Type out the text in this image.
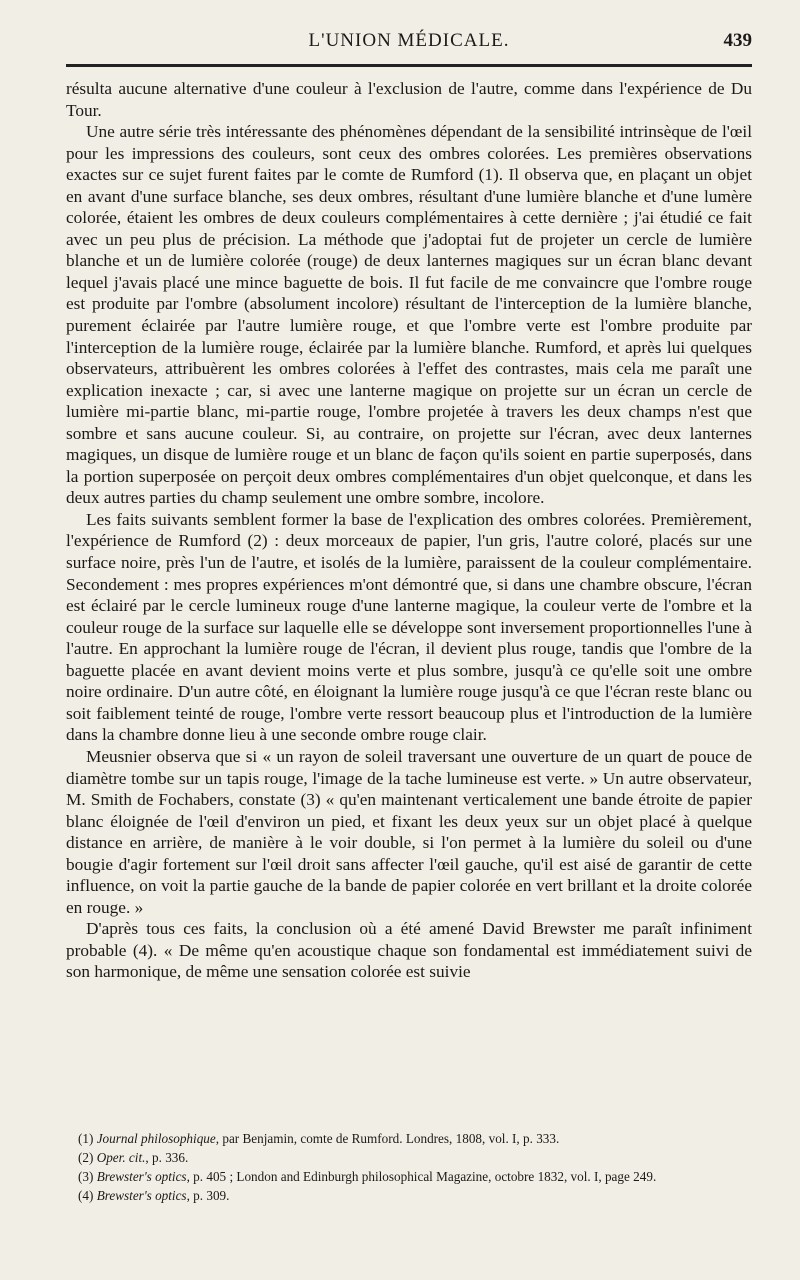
L'UNION MÉDICALE.	439

résulta aucune alternative d'une couleur à l'exclusion de l'autre, comme dans l'expérience de Du Tour.

Une autre série très intéressante des phénomènes dépendant de la sensibilité intrinsèque de l'œil pour les impressions des couleurs, sont ceux des ombres colorées. Les premières observations exactes sur ce sujet furent faites par le comte de Rumford (1). Il observa que, en plaçant un objet en avant d'une surface blanche, ses deux ombres, résultant d'une lumière blanche et d'une lumère colorée, étaient les ombres de deux couleurs complémentaires à cette dernière ; j'ai étudié ce fait avec un peu plus de précision. La méthode que j'adoptai fut de projeter un cercle de lumière blanche et un de lumière colorée (rouge) de deux lanternes magiques sur un écran blanc devant lequel j'avais placé une mince baguette de bois. Il fut facile de me convaincre que l'ombre rouge est produite par l'ombre (absolument incolore) résultant de l'interception de la lumière blanche, purement éclairée par l'autre lumière rouge, et que l'ombre verte est l'ombre produite par l'interception de la lumière rouge, éclairée par la lumière blanche. Rumford, et après lui quelques observateurs, attribuèrent les ombres colorées à l'effet des contrastes, mais cela me paraît une explication inexacte ; car, si avec une lanterne magique on projette sur un écran un cercle de lumière mi-partie blanc, mi-partie rouge, l'ombre projetée à travers les deux champs n'est que sombre et sans aucune couleur. Si, au contraire, on projette sur l'écran, avec deux lanternes magiques, un disque de lumière rouge et un blanc de façon qu'ils soient en partie superposés, dans la portion superposée on perçoit deux ombres complémentaires d'un objet quelconque, et dans les deux autres parties du champ seulement une ombre sombre, incolore.

Les faits suivants semblent former la base de l'explication des ombres colorées. Premièrement, l'expérience de Rumford (2) : deux morceaux de papier, l'un gris, l'autre coloré, placés sur une surface noire, près l'un de l'autre, et isolés de la lumière, paraissent de la couleur complémentaire. Secondement : mes propres expériences m'ont démontré que, si dans une chambre obscure, l'écran est éclairé par le cercle lumineux rouge d'une lanterne magique, la couleur verte de l'ombre et la couleur rouge de la surface sur laquelle elle se développe sont inversement proportionnelles l'une à l'autre. En approchant la lumière rouge de l'écran, il devient plus rouge, tandis que l'ombre de la baguette placée en avant devient moins verte et plus sombre, jusqu'à ce qu'elle soit une ombre noire ordinaire. D'un autre côté, en éloignant la lumière rouge jusqu'à ce que l'écran reste blanc ou soit faiblement teinté de rouge, l'ombre verte ressort beaucoup plus et l'introduction de la lumière dans la chambre donne lieu à une seconde ombre rouge clair.

Meusnier observa que si « un rayon de soleil traversant une ouverture de un quart de pouce de diamètre tombe sur un tapis rouge, l'image de la tache lumineuse est verte. » Un autre observateur, M. Smith de Fochabers, constate (3) « qu'en maintenant verticalement une bande étroite de papier blanc éloignée de l'œil d'environ un pied, et fixant les deux yeux sur un objet placé à quelque distance en arrière, de manière à le voir double, si l'on permet à la lumière du soleil ou d'une bougie d'agir fortement sur l'œil droit sans affecter l'œil gauche, qu'il est aisé de garantir de cette influence, on voit la partie gauche de la bande de papier colorée en vert brillant et la droite colorée en rouge. »

D'après tous ces faits, la conclusion où a été amené David Brewster me paraît infiniment probable (4). « De même qu'en acoustique chaque son fondamental est immédiatement suivi de son harmonique, de même une sensation colorée est suivie

(1) Journal philosophique, par Benjamin, comte de Rumford. Londres, 1808, vol. I, p. 333.

(2) Oper. cit., p. 336.

(3) Brewster's optics, p. 405 ; London and Edinburgh philosophical Magazine, octobre 1832, vol. I, page 249.

(4) Brewster's optics, p. 309.
